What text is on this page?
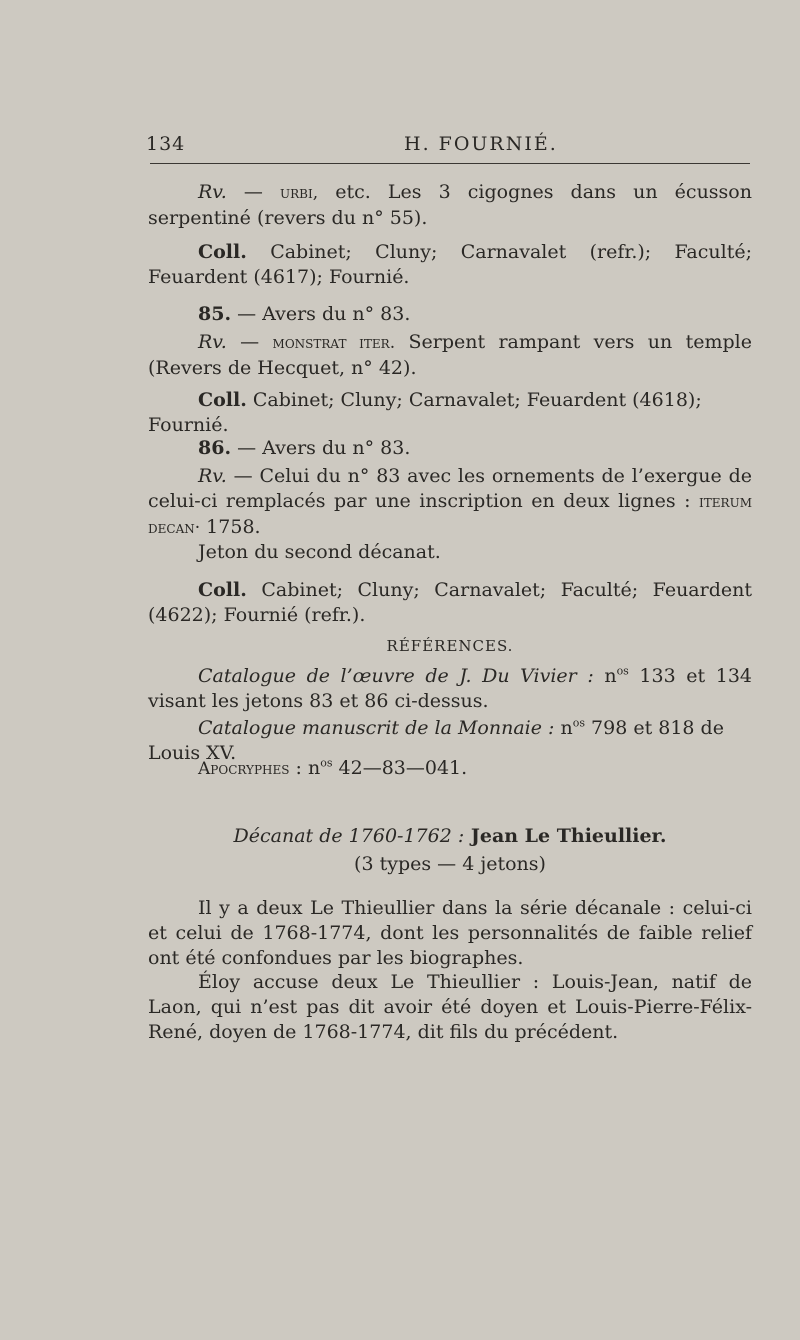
134	H. FOURNIÉ.
Rv. — urbi, etc. Les 3 cigognes dans un écusson serpentiné (revers du n° 55).
Coll. Cabinet; Cluny; Carnavalet (refr.); Faculté; Feuardent (4617); Fournié.
85. — Avers du n° 83.
Rv. — monstrat iter. Serpent rampant vers un temple (Revers de Hecquet, n° 42).
Coll. Cabinet; Cluny; Carnavalet; Feuardent (4618); Fournié.
86. — Avers du n° 83.
Rv. — Celui du n° 83 avec les ornements de l’exergue de celui-ci remplacés par une inscription en deux lignes : iterum decan· 1758.
Jeton du second décanat.
Coll. Cabinet; Cluny; Carnavalet; Faculté; Feuardent (4622); Fournié (refr.).
RÉFÉRENCES.
Catalogue de l’œuvre de J. Du Vivier : $n^{os}$ 133 et 134 visant les jetons 83 et 86 ci-dessus.
Catalogue manuscrit de la Monnaie : $n^{os}$ 798 et 818 de Louis XV.
Apocryphes : $n^{os}$ 42—83—041.
Décanat de 1760-1762 : Jean Le Thieullier.
(3 types — 4 jetons)
Il y a deux Le Thieullier dans la série décanale : celui-ci et celui de 1768-1774, dont les personnalités de faible relief ont été confondues par les biographes.
Éloy accuse deux Le Thieullier : Louis-Jean, natif de Laon, qui n’est pas dit avoir été doyen et Louis-Pierre-Félix-René, doyen de 1768-1774, dit fils du précédent.
